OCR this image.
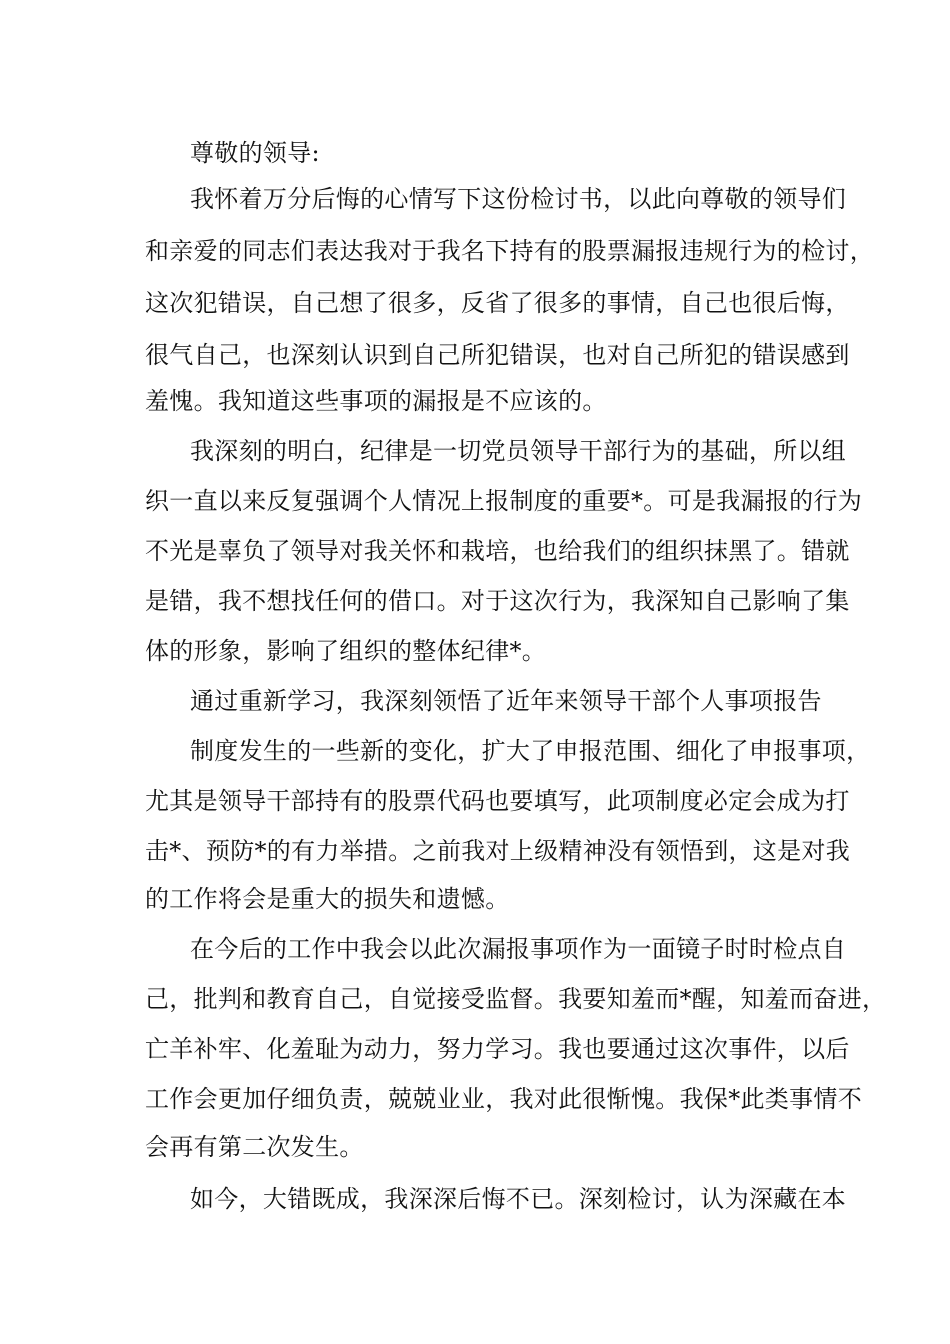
尊敬的领导:
我怀着万分后悔的心情写下这份检讨书，以此向尊敬的领导们
和亲爱的同志们表达我对于我名下持有的股票漏报违规行为的检讨，
这次犯错误，自己想了很多，反省了很多的事情，自己也很后悔，
很气自己，也深刻认识到自己所犯错误，也对自己所犯的错误感到
羞愧。我知道这些事项的漏报是不应该的。
我深刻的明白，纪律是一切党员领导干部行为的基础，所以组
织一直以来反复强调个人情况上报制度的重要*。可是我漏报的行为
不光是辜负了领导对我关怀和栽培，也给我们的组织抹黑了。错就
是错，我不想找任何的借口。对于这次行为，我深知自己影响了集
体的形象，影响了组织的整体纪律*。
通过重新学习，我深刻领悟了近年来领导干部个人事项报告
制度发生的一些新的变化，扩大了申报范围、细化了申报事项，
尤其是领导干部持有的股票代码也要填写，此项制度必定会成为打
击*、预防*的有力举措。之前我对上级精神没有领悟到，这是对我
的工作将会是重大的损失和遗憾。
在今后的工作中我会以此次漏报事项作为一面镜子时时检点自
己，批判和教育自己，自觉接受监督。我要知羞而*醒，知羞而奋进，
亡羊补牢、化羞耻为动力，努力学习。我也要通过这次事件，以后
工作会更加仔细负责，兢兢业业，我对此很惭愧。我保*此类事情不
会再有第二次发生。
如今，大错既成，我深深后悔不已。深刻检讨，认为深藏在本
